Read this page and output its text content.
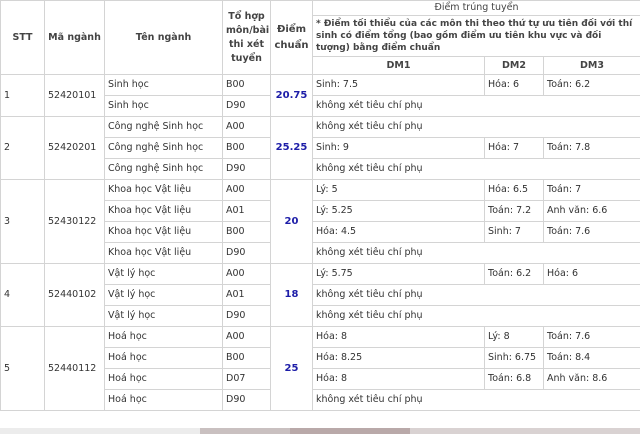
STT	Mã ngành	Tên ngành	Tổ hợp môn/bài thi xét tuyển	Điểm chuẩn	Điểm trúng tuyển		
					* Điểm tối thiểu của các môn thi theo thứ tự ưu tiên đối với thí sinh có điểm tổng (bao gồm điểm ưu tiên khu vực và đối tượng) bằng điểm chuẩn		
					DM1	DM2	DM3
1	52420101	Sinh học	B00	20.75	Sinh: 7.5	Hóa: 6	Toán: 6.2
		Sinh học	D90		không xét tiêu chí phụ		
2	52420201	Công nghệ Sinh học	A00	25.25	không xét tiêu chí phụ		
		Công nghệ Sinh học	B00		Sinh: 9	Hóa: 7	Toán: 7.8
		Công nghệ Sinh học	D90		không xét tiêu chí phụ		
3	52430122	Khoa học Vật liệu	A00	20	Lý: 5	Hóa: 6.5	Toán: 7
		Khoa học Vật liệu	A01		Lý: 5.25	Toán: 7.2	Anh văn: 6.6
		Khoa học Vật liệu	B00		Hóa: 4.5	Sinh: 7	Toán: 7.6
		Khoa học Vật liệu	D90		không xét tiêu chí phụ		
4	52440102	Vật lý học	A00	18	Lý: 5.75	Toán: 6.2	Hóa: 6
		Vật lý học	A01		không xét tiêu chí phụ		
		Vật lý học	D90		không xét tiêu chí phụ		
5	52440112	Hoá học	A00	25	Hóa: 8	Lý: 8	Toán: 7.6
		Hoá học	B00		Hóa: 8.25	Sinh: 6.75	Toán: 8.4
		Hoá học	D07		Hóa: 8	Toán: 6.8	Anh văn: 8.6
		Hoá học	D90		không xét tiêu chí phụ		
